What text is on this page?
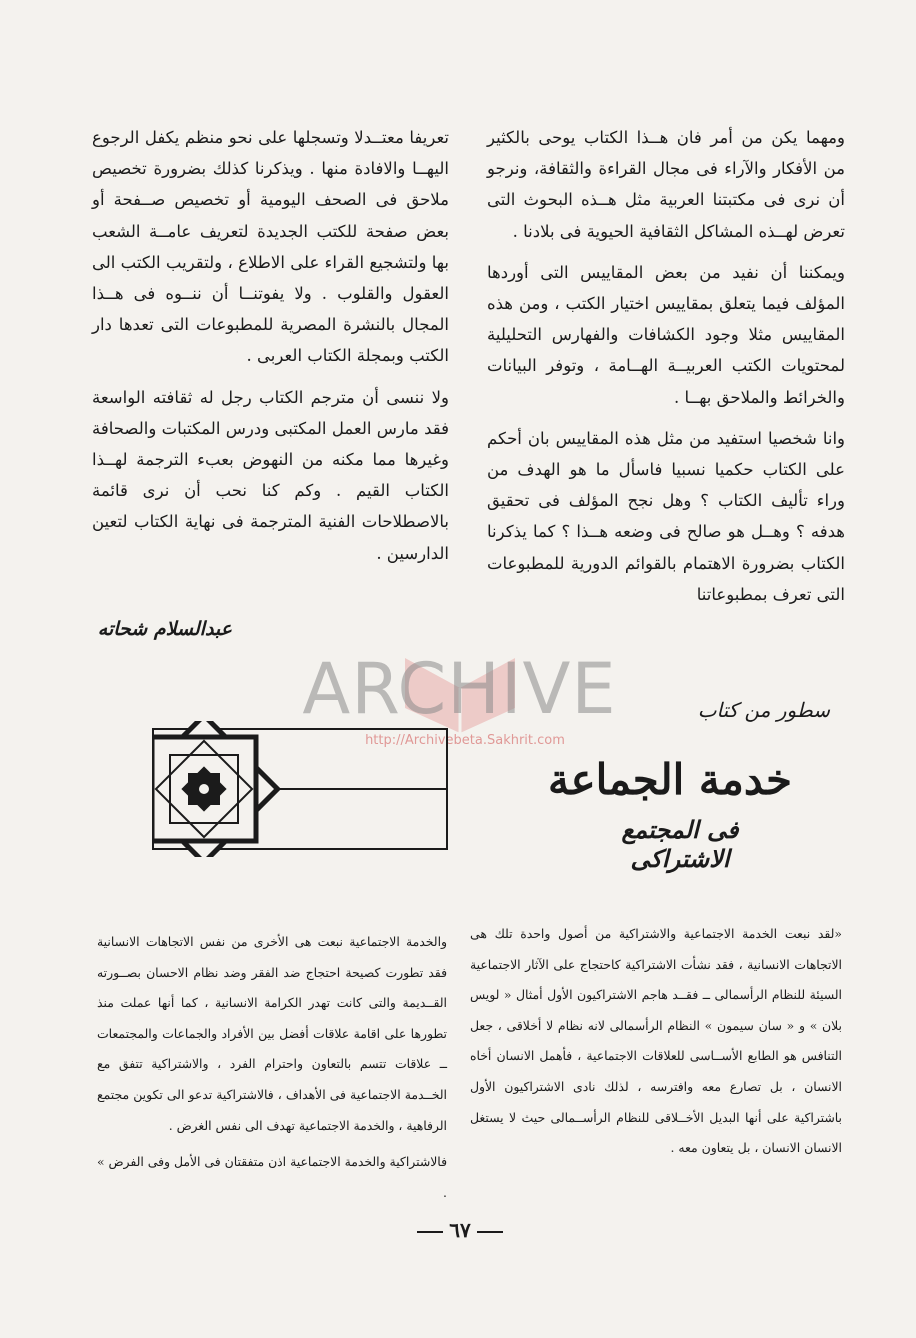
ومهما يكن من أمر فان هــذا الكتاب يوحى بالكثير من الأفكار والآراء فى مجال القراءة والثقافة، ونرجو أن نرى فى مكتبتنا العربية مثل هــذه البحوث التى تعرض لهــذه المشاكل الثقافية الحيوية فى بلادنا .

ويمكننا أن نفيد من بعض المقاييس التى أوردها المؤلف فيما يتعلق بمقاييس اختيار الكتب ، ومن هذه المقاييس مثلا وجود الكشافات والفهارس التحليلية لمحتويات الكتب العربيــة الهــامة ، وتوفر البيانات والخرائط والملاحق بهــا .

وانا شخصيا استفيد من مثل هذه المقاييس بان أحكم على الكتاب حكميا نسبيا فاسأل ما هو الهدف من وراء تأليف الكتاب ؟ وهل نجح المؤلف فى تحقيق هدفه ؟ وهــل هو صالح فى وضعه هــذا ؟ كما يذكرنا الكتاب بضرورة الاهتمام بالقوائم الدورية للمطبوعات التى تعرف بمطبوعاتنا

تعريفا معتــدلا وتسجلها على نحو منظم يكفل الرجوع اليهــا والافادة منها . ويذكرنا كذلك بضرورة تخصيص ملاحق فى الصحف اليومية أو تخصيص صــفحة أو بعض صفحة للكتب الجديدة لتعريف عامــة الشعب بها ولتشجيع القراء على الاطلاع ، ولتقريب الكتب الى العقول والقلوب . ولا يفوتنــا أن ننــوه فى هــذا المجال بالنشرة المصرية للمطبوعات التى تعدها دار الكتب وبمجلة الكتاب العربى .

ولا ننسى أن مترجم الكتاب رجل له ثقافته الواسعة فقد مارس العمل المكتبى ودرس المكتبات والصحافة وغيرها مما مكنه من النهوض بعبء الترجمة لهــذا الكتاب القيم . وكم كنا نحب أن نرى قائمة بالاصطلاحات الفنية المترجمة فى نهاية الكتاب لتعين الدارسين .

عبدالسلام شحاته
ARCHIVE
http://Archivebeta.Sakhrit.com
سطور من كتاب
خدمة الجماعة
فى المجتمع الاشتراكى

«لقد نبعت الخدمة الاجتماعية والاشتراكية من أصول واحدة تلك هى الاتجاهات الانسانية ، فقد نشأت الاشتراكية كاحتجاج على الآثار الاجتماعية السيئة للنظام الرأسمالى ــ فقــد هاجم الاشتراكيون الأول أمثال « لويس بلان » و « سان سيمون » النظام الرأسمالى لانه نظام لا أخلاقى ، جعل التنافس هو الطابع الأســاسى للعلاقات الاجتماعية ، فأهمل الانسان أخاه الانسان ، بل تصارع معه وافترسه ، لذلك نادى الاشتراكيون الأول باشتراكية على أنها البديل الأخــلاقى للنظام الرأســمالى حيث لا يستغل الانسان الانسان ، بل يتعاون معه .

والخدمة الاجتماعية نبعت هى الأخرى من نفس الاتجاهات الانسانية فقد تطورت كصيحة احتجاج ضد الفقر وضد نظام الاحسان بصــورته القــديمة والتى كانت تهدر الكرامة الانسانية ، كما أنها عملت منذ تطورها على اقامة علاقات أفضل بين الأفراد والجماعات والمجتمعات ــ علاقات تتسم بالتعاون واحترام الفرد ، والاشتراكية تتفق مع الخــدمة الاجتماعية فى الأهداف ، فالاشتراكية تدعو الى تكوين مجتمع الرفاهية ، والخدمة الاجتماعية تهدف الى نفس الغرض .

فالاشتراكية والخدمة الاجتماعية اذن متفقتان فى الأمل وفى الفرض » .

٦٧
